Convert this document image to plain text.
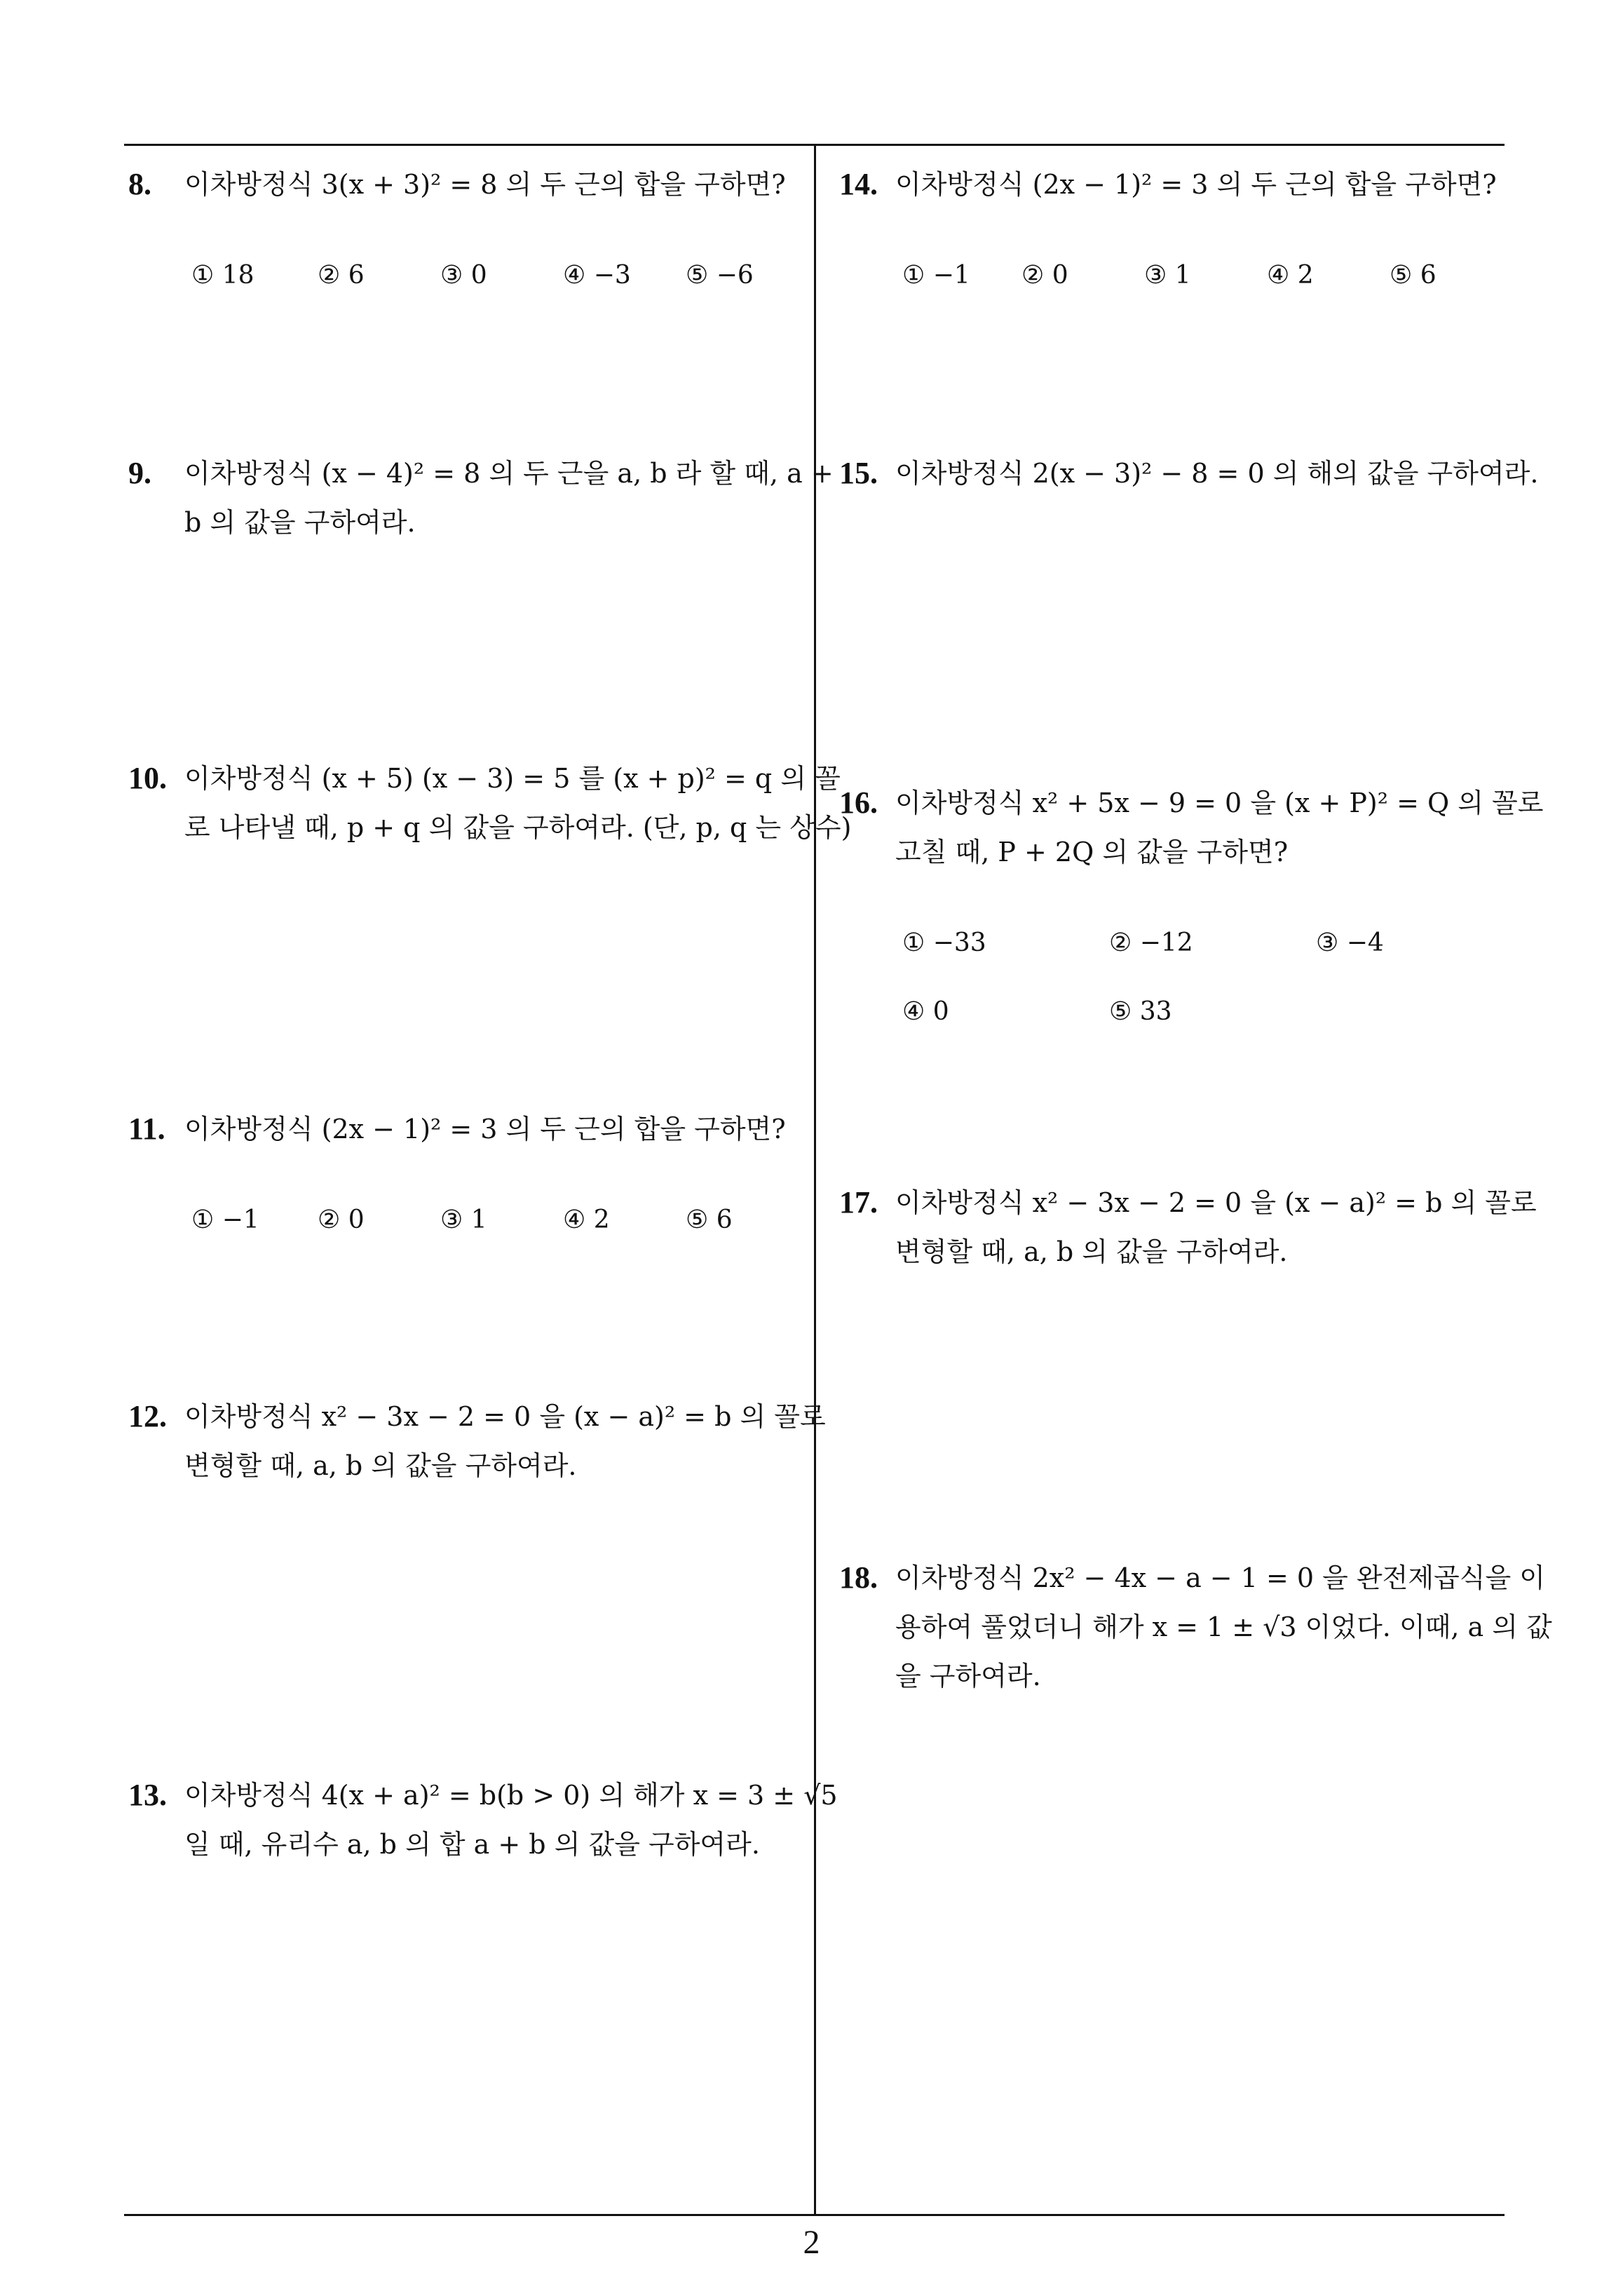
8. 이차방정식 3(x + 3)² = 8 의 두 근의 합을 구하면?
① 18	② 6	③ 0	④ −3 ⑤ −6
9. 이차방정식 (x − 4)² = 8 의 두 근을 a, b 라 할 때, a + b 의 값을 구하여라.
10. 이차방정식 (x + 5) (x − 3) = 5 를 (x + p)² = q 의 꼴로 나타낼 때, p + q 의 값을 구하여라. (단, p, q 는 상수)
11. 이차방정식 (2x − 1)² = 3 의 두 근의 합을 구하면?
① −1 ② 0	③ 1	④ 2	⑤ 6
12. 이차방정식 x² − 3x − 2 = 0 을 (x − a)² = b 의 꼴로 변형할 때, a, b 의 값을 구하여라.
13. 이차방정식 4(x + a)² = b(b > 0) 의 해가 x = 3 ± √5 일 때, 유리수 a, b 의 합 a + b 의 값을 구하여라.
14. 이차방정식 (2x − 1)² = 3 의 두 근의 합을 구하면?
① −1 ② 0	③ 1	④ 2	⑤ 6
15. 이차방정식 2(x − 3)² − 8 = 0 의 해의 값을 구하여라.
16. 이차방정식 x² + 5x − 9 = 0 을 (x + P)² = Q 의 꼴로 고칠 때, P + 2Q 의 값을 구하면?
① −33	② −12	③ −4
④ 0	⑤ 33
17. 이차방정식 x² − 3x − 2 = 0 을 (x − a)² = b 의 꼴로 변형할 때, a, b 의 값을 구하여라.
18. 이차방정식 2x² − 4x − a − 1 = 0 을 완전제곱식을 이용하여 풀었더니 해가 x = 1 ± √3 이었다. 이때, a 의 값을 구하여라.
2
